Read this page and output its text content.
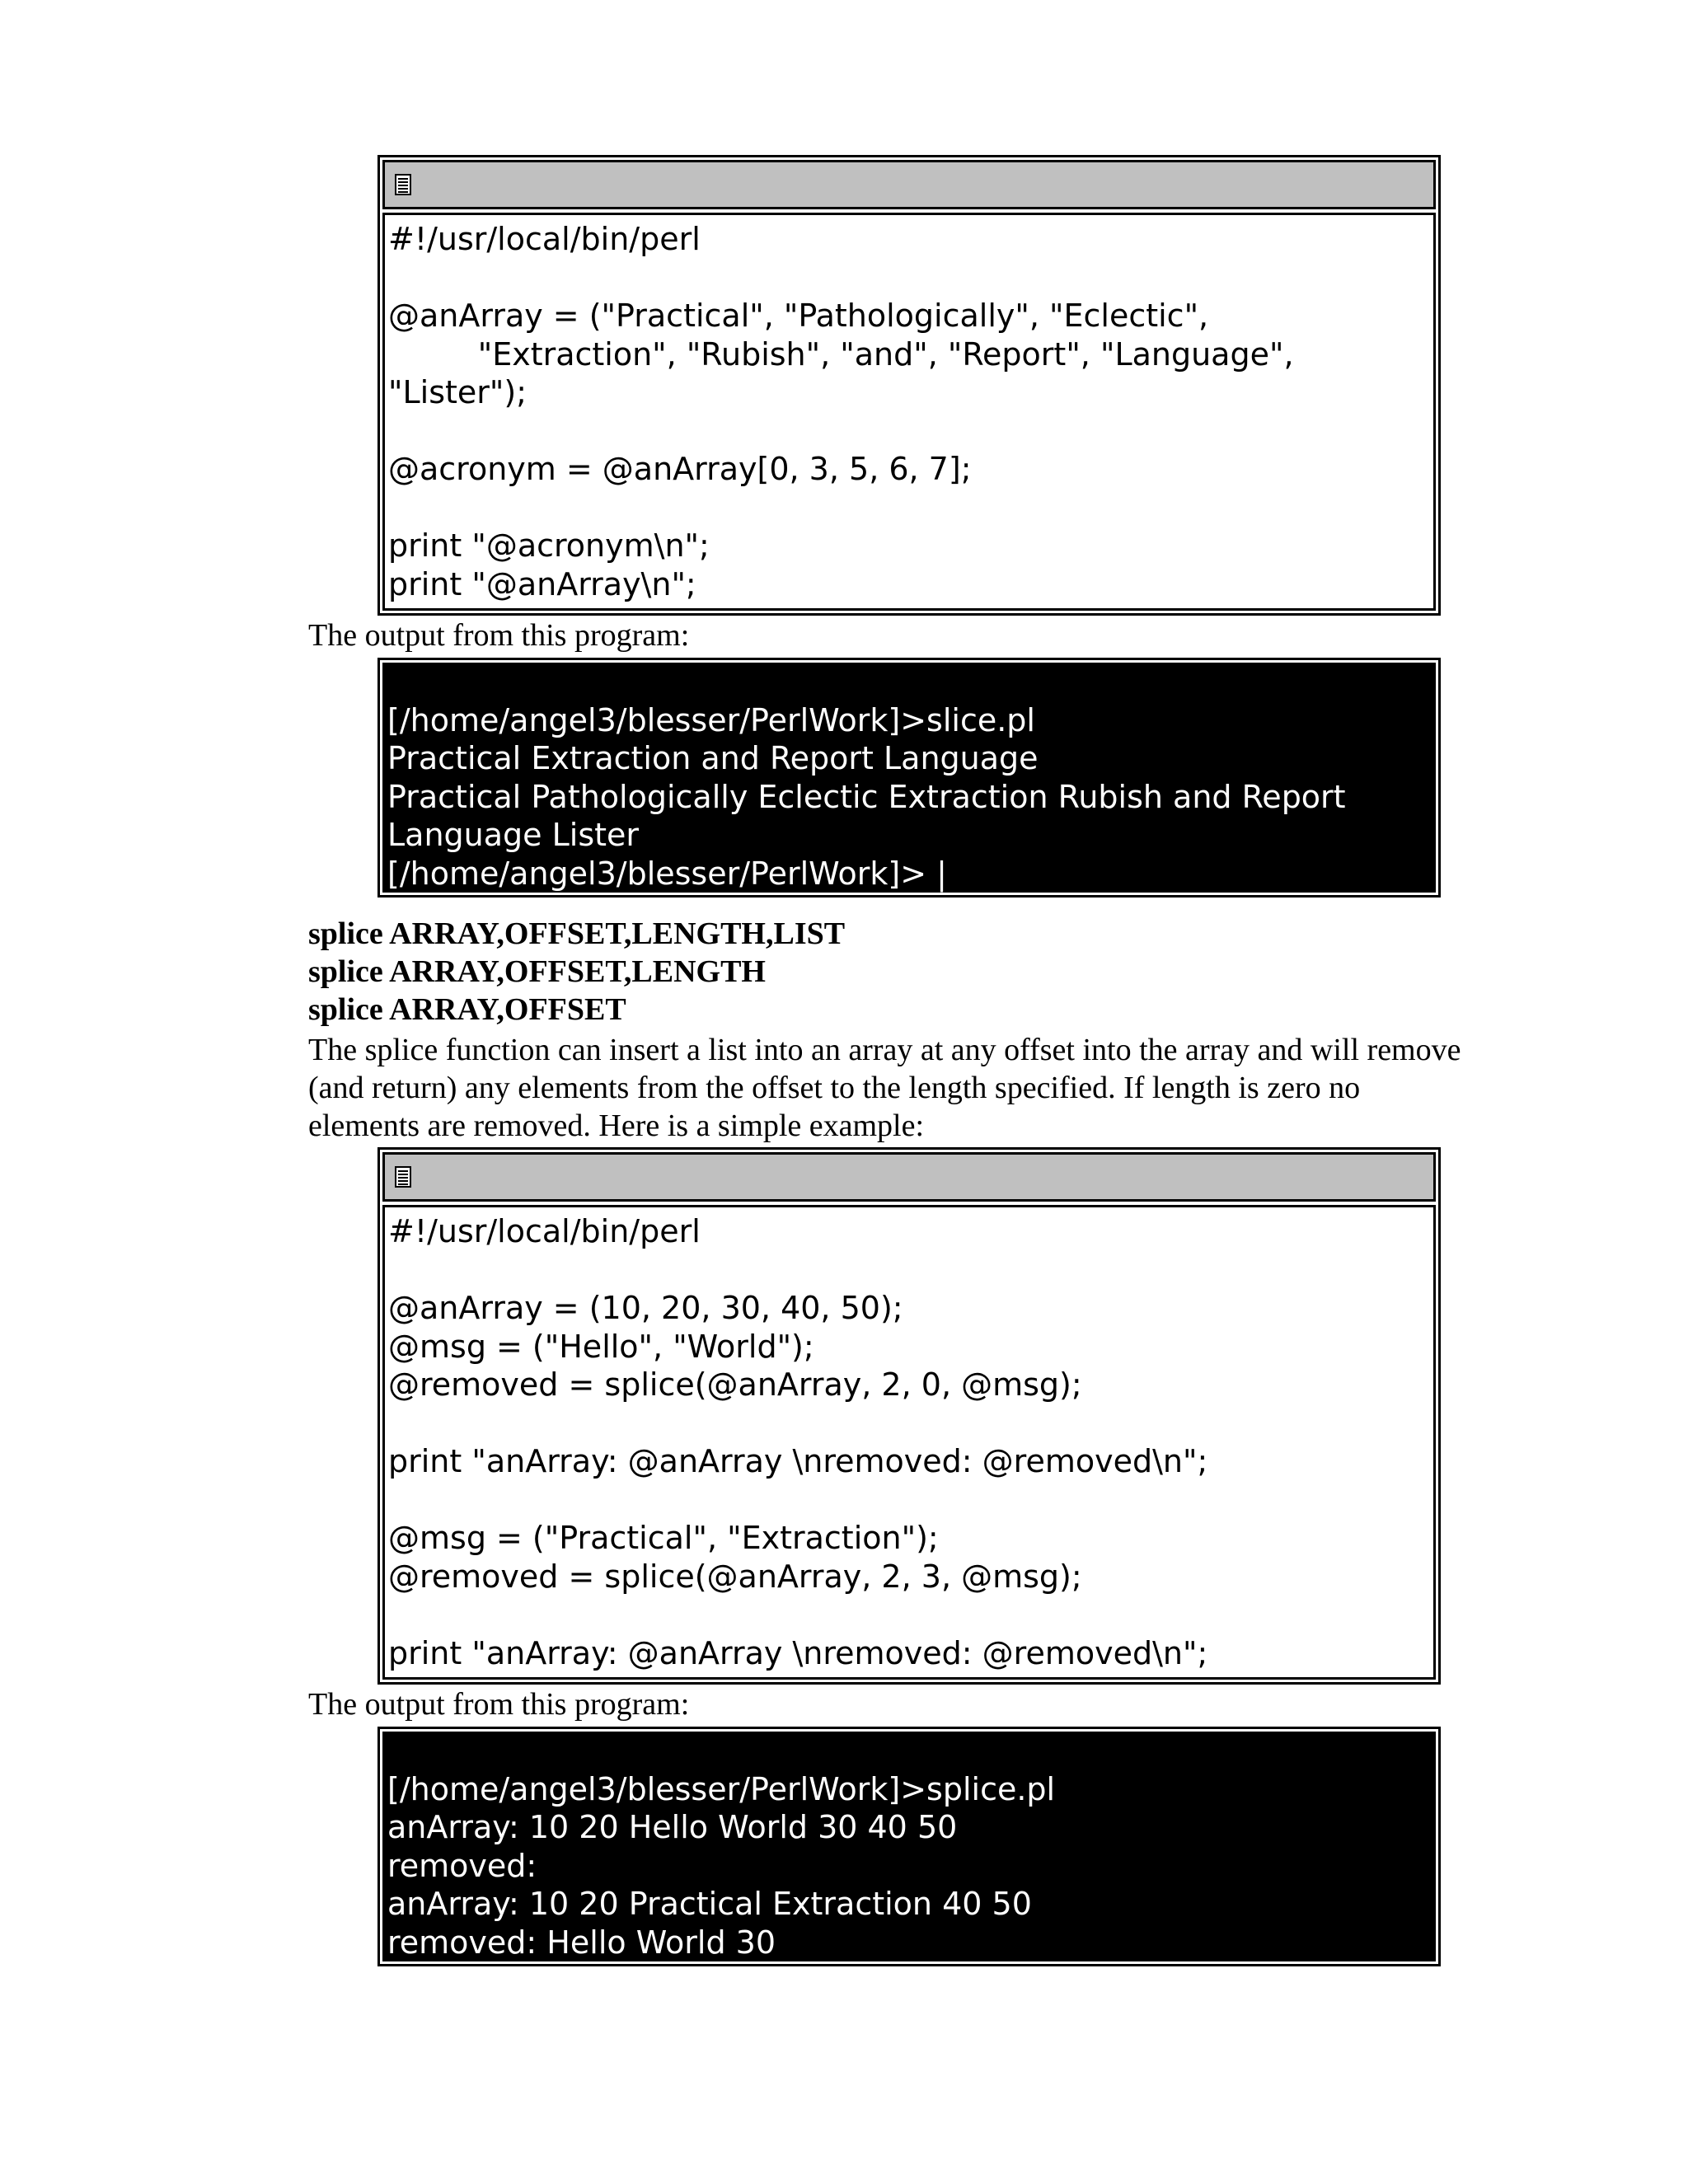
#!/usr/local/bin/perl
@anArray = ("Practical", "Pathologically", "Eclectic",
"Extraction", "Rubish", "and", "Report", "Language",
"Lister");
@acronym = @anArray[0, 3, 5, 6, 7];
print "@acronym\n";
print "@anArray\n";
The output from this program:
[/home/angel3/blesser/PerlWork]>slice.pl
Practical Extraction and Report Language
Practical Pathologically Eclectic Extraction Rubish and Report
Language Lister
[/home/angel3/blesser/PerlWork]> |
splice ARRAY,OFFSET,LENGTH,LIST
splice ARRAY,OFFSET,LENGTH
splice ARRAY,OFFSET
The splice function can insert a list into an array at any offset into the array and will remove
(and return) any elements from the offset to the length specified. If length is zero no
elements are removed. Here is a simple example:
#!/usr/local/bin/perl
@anArray = (10, 20, 30, 40, 50);
@msg = ("Hello", "World");
@removed = splice(@anArray, 2, 0, @msg);
print "anArray: @anArray \nremoved: @removed\n";
@msg = ("Practical", "Extraction");
@removed = splice(@anArray, 2, 3, @msg);
print "anArray: @anArray \nremoved: @removed\n";
The output from this program:
[/home/angel3/blesser/PerlWork]>splice.pl
anArray: 10 20 Hello World 30 40 50
removed:
anArray: 10 20 Practical Extraction 40 50
removed: Hello World 30
